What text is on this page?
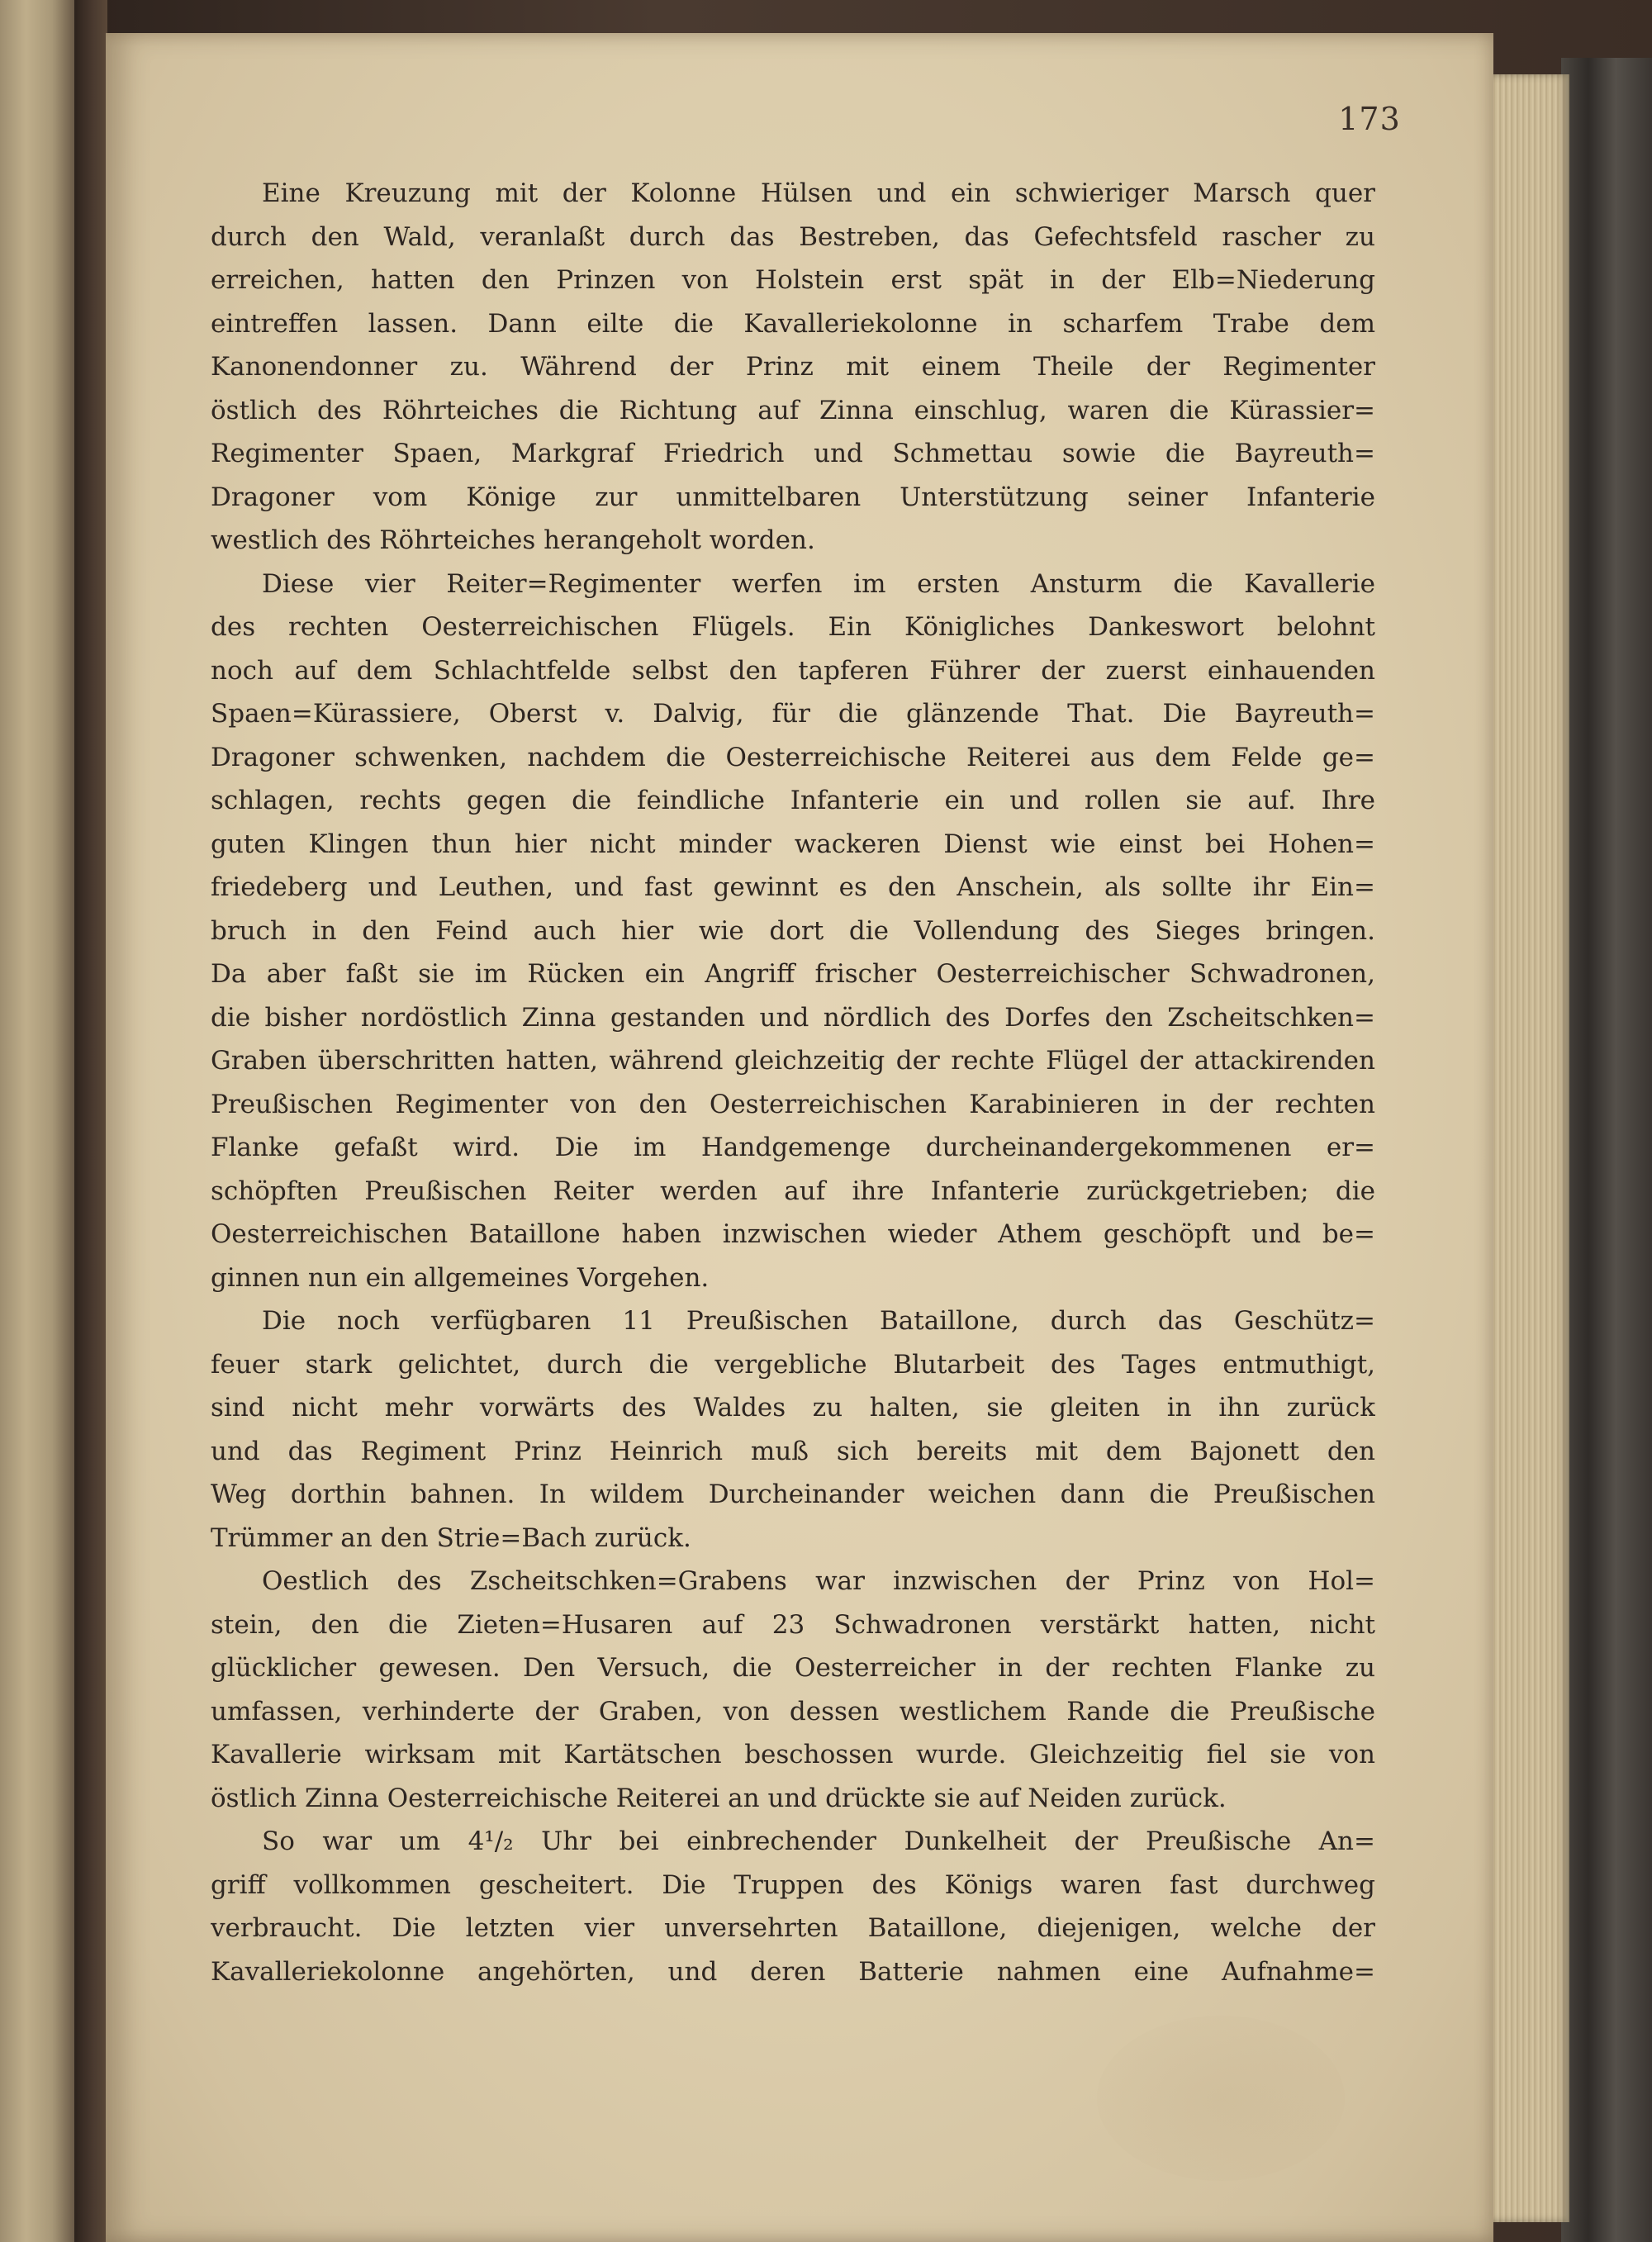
173
Eine Kreuzung mit der Kolonne Hülsen und ein schwieriger Marsch quer
durch den Wald, veranlaßt durch das Bestreben, das Gefechtsfeld rascher zu
erreichen, hatten den Prinzen von Holstein erst spät in der Elb=Niederung
eintreffen lassen. Dann eilte die Kavalleriekolonne in scharfem Trabe dem
Kanonendonner zu. Während der Prinz mit einem Theile der Regimenter
östlich des Röhrteiches die Richtung auf Zinna einschlug, waren die Kürassier=
Regimenter Spaen, Markgraf Friedrich und Schmettau sowie die Bayreuth=
Dragoner vom Könige zur unmittelbaren Unterstützung seiner Infanterie
westlich des Röhrteiches herangeholt worden.
Diese vier Reiter=Regimenter werfen im ersten Ansturm die Kavallerie
des rechten Oesterreichischen Flügels. Ein Königliches Dankeswort belohnt
noch auf dem Schlachtfelde selbst den tapferen Führer der zuerst einhauenden
Spaen=Kürassiere, Oberst v. Dalvig, für die glänzende That. Die Bayreuth=
Dragoner schwenken, nachdem die Oesterreichische Reiterei aus dem Felde ge=
schlagen, rechts gegen die feindliche Infanterie ein und rollen sie auf. Ihre
guten Klingen thun hier nicht minder wackeren Dienst wie einst bei Hohen=
friedeberg und Leuthen, und fast gewinnt es den Anschein, als sollte ihr Ein=
bruch in den Feind auch hier wie dort die Vollendung des Sieges bringen.
Da aber faßt sie im Rücken ein Angriff frischer Oesterreichischer Schwadronen,
die bisher nordöstlich Zinna gestanden und nördlich des Dorfes den Zscheitschken=
Graben überschritten hatten, während gleichzeitig der rechte Flügel der attackirenden
Preußischen Regimenter von den Oesterreichischen Karabinieren in der rechten
Flanke gefaßt wird. Die im Handgemenge durcheinandergekommenen er=
schöpften Preußischen Reiter werden auf ihre Infanterie zurückgetrieben; die
Oesterreichischen Bataillone haben inzwischen wieder Athem geschöpft und be=
ginnen nun ein allgemeines Vorgehen.
Die noch verfügbaren 11 Preußischen Bataillone, durch das Geschütz=
feuer stark gelichtet, durch die vergebliche Blutarbeit des Tages entmuthigt,
sind nicht mehr vorwärts des Waldes zu halten, sie gleiten in ihn zurück
und das Regiment Prinz Heinrich muß sich bereits mit dem Bajonett den
Weg dorthin bahnen. In wildem Durcheinander weichen dann die Preußischen
Trümmer an den Strie=Bach zurück.
Oestlich des Zscheitschken=Grabens war inzwischen der Prinz von Hol=
stein, den die Zieten=Husaren auf 23 Schwadronen verstärkt hatten, nicht
glücklicher gewesen. Den Versuch, die Oesterreicher in der rechten Flanke zu
umfassen, verhinderte der Graben, von dessen westlichem Rande die Preußische
Kavallerie wirksam mit Kartätschen beschossen wurde. Gleichzeitig fiel sie von
östlich Zinna Oesterreichische Reiterei an und drückte sie auf Neiden zurück.
So war um 4¹/₂ Uhr bei einbrechender Dunkelheit der Preußische An=
griff vollkommen gescheitert. Die Truppen des Königs waren fast durchweg
verbraucht. Die letzten vier unversehrten Bataillone, diejenigen, welche der
Kavalleriekolonne angehörten, und deren Batterie nahmen eine Aufnahme=
